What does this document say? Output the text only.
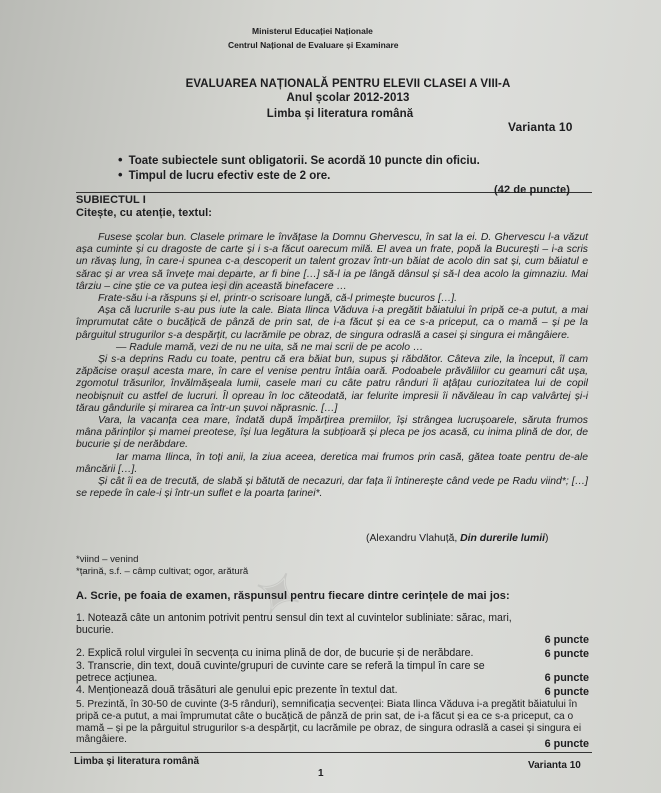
✦
✦
Ministerul Educației Naționale
Centrul Național de Evaluare și Examinare
EVALUAREA NAȚIONALĂ PENTRU ELEVII CLASEI A VIII-A
Anul școlar 2012-2013
Limba și literatura română
Varianta 10
• Toate subiectele sunt obligatorii. Se acordă 10 puncte din oficiu.
• Timpul de lucru efectiv este de 2 ore.
SUBIECTUL I
(42 de puncte)
Citește, cu atenție, textul:

Fusese școlar bun. Clasele primare le învățase la Domnu Ghervescu, în sat la ei. D. Ghervescu l-a văzut așa cuminte și cu dragoste de carte și i s-a făcut oarecum milă. El avea un frate, popă la București – i-a scris un răvaș lung, în care-i spunea c-a descoperit un talent grozav într-un băiat de acolo din sat și, cum băiatul e sărac și ar vrea să învețe mai departe, ar fi bine […] să-l ia pe lângă dânsul și să-l dea acolo la gimnaziu. Mai târziu – cine știe ce va putea ieși din această binefacere …

Frate-său i-a răspuns și el, printr-o scrisoare lungă, că-l primește bucuros […].

Așa că lucrurile s-au pus iute la cale. Biata Ilinca Văduva i-a pregătit băiatului în pripă ce-a putut, a mai împrumutat câte o bucățică de pânză de prin sat, de i-a făcut și ea ce s-a priceput, ca o mamă – și pe la pârguitul strugurilor s-a despărțit, cu lacrămile pe obraz, de singura odraslă a casei și singura ei mângâiere.

— Radule mamă, vezi de nu ne uita, să ne mai scrii de pe acolo …

Și s-a deprins Radu cu toate, pentru că era băiat bun, supus și răbdător. Câteva zile, la început, îl cam zăpăcise orașul acesta mare, în care el venise pentru întâia oară. Podoabele prăvăliilor cu geamuri cât ușa, zgomotul trăsurilor, învălmășeala lumii, casele mari cu câte patru rânduri îi ațâțau curiozitatea lui de copil neobișnuit cu astfel de lucruri. Îl opreau în loc căteodată, iar felurite impresii îi năvăleau în cap valvârtej și-i tărau gândurile și mirarea ca într-un șuvoi năprasnic. […]

Vara, la vacanța cea mare, îndată după împărțirea premiilor, își strângea lucrușoarele, săruta frumos mâna părinților și mamei preotese, își lua legătura la subțioară și pleca pe jos acasă, cu inima plină de dor, de bucurie și de nerăbdare.

Iar mama Ilinca, în toți anii, la ziua aceea, deretica mai frumos prin casă, gătea toate pentru de-ale mâncării […].

Și cât îi ea de trecută, de slabă și bătută de necazuri, dar fața îi întinerește când vede pe Radu viind*; […] se repede în cale-i și într-un suflet e la poarta țarinei*.

(Alexandru Vlahuță, Din durerile lumii)
*viind – venind
*țarină, s.f. – câmp cultivat; ogor, arătură
A. Scrie, pe foaia de examen, răspunsul pentru fiecare dintre cerințele de mai jos:
1. Notează câte un antonim potrivit pentru sensul din text al cuvintelor subliniate: sărac, mari, bucurie.
6 puncte
2. Explică rolul virgulei în secvența cu inima plină de dor, de bucurie și de nerăbdare.	6 puncte
3. Transcrie, din text, două cuvinte/grupuri de cuvinte care se referă la timpul în care se petrece acțiunea.	6 puncte
4. Menționează două trăsături ale genului epic prezente în textul dat.	6 puncte
5. Prezintă, în 30-50 de cuvinte (3-5 rânduri), semnificația secvenței: Biata Ilinca Văduva i-a pregătit băiatului în pripă ce-a putut, a mai împrumutat câte o bucățică de pânză de prin sat, de i-a făcut și ea ce s-a priceput, ca o mamă – și pe la pârguitul strugurilor s-a despărțit, cu lacrămile pe obraz, de singura odraslă a casei și singura ei mângâiere.	6 puncte
Limba și literatura română
1
Varianta 10
